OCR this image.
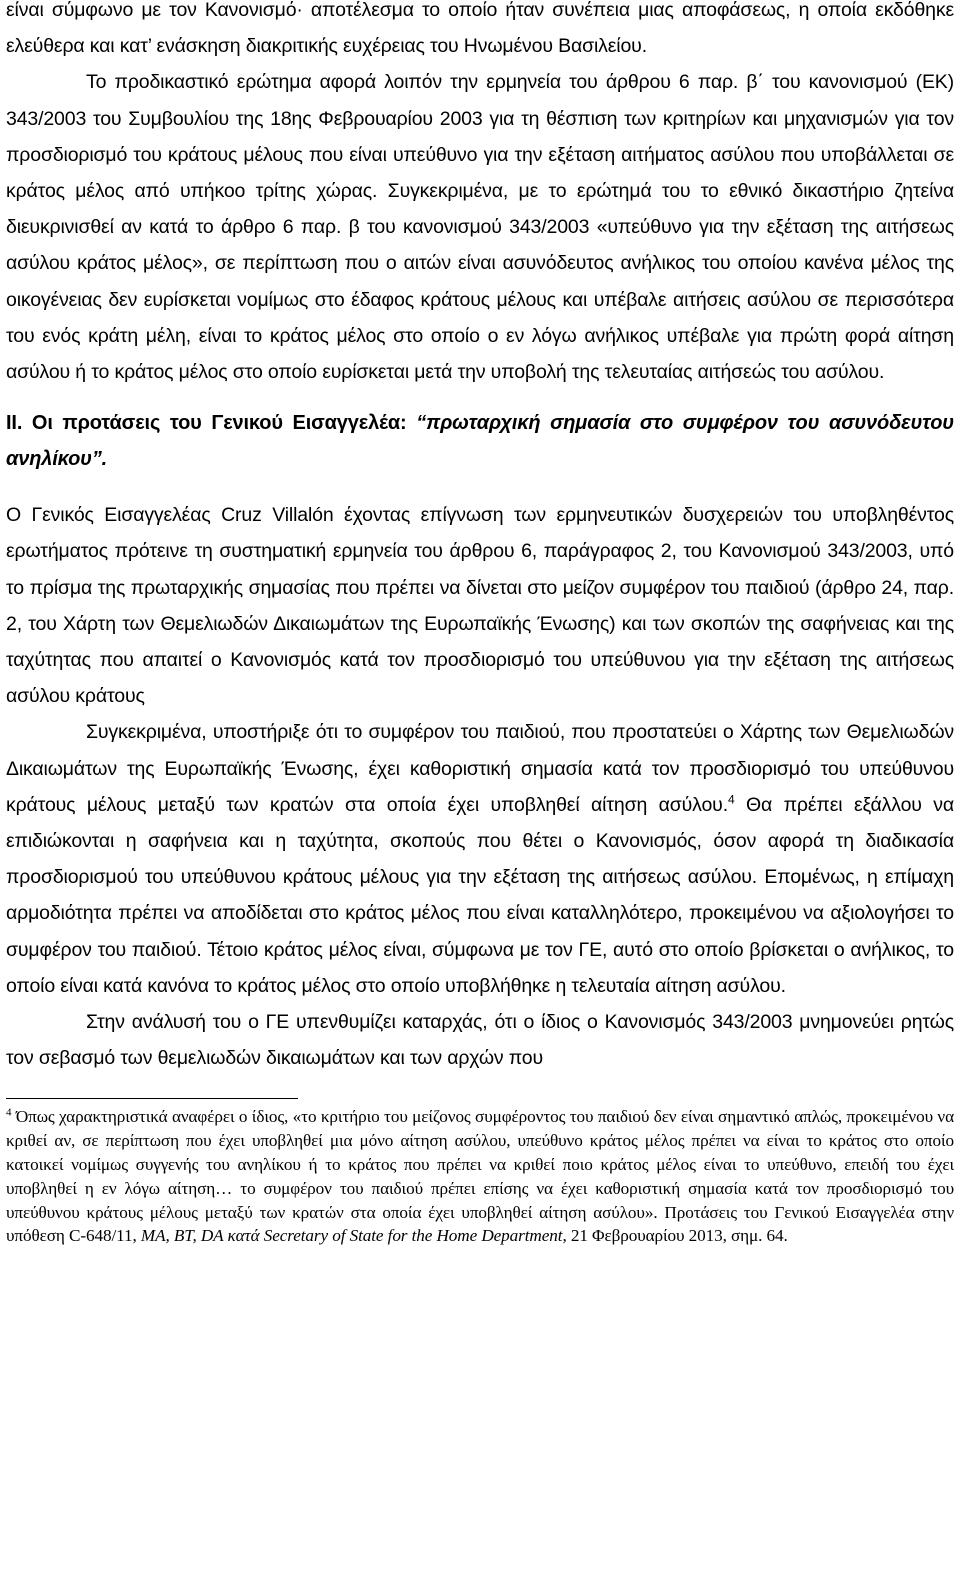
είναι σύμφωνο με τον Κανονισμό· αποτέλεσμα το οποίο ήταν συνέπεια μιας αποφάσεως, η οποία εκδόθηκε ελεύθερα και κατ’ ενάσκηση διακριτικής ευχέρειας του Ηνωμένου Βασιλείου.

Το προδικαστικό ερώτημα αφορά λοιπόν την ερμηνεία του άρθρου 6 παρ. β΄ του κανονισμού (ΕΚ) 343/2003 του Συμβουλίου της 18ης Φεβρουαρίου 2003 για τη θέσπιση των κριτηρίων και μηχανισμών για τον προσδιορισμό του κράτους μέλους που είναι υπεύθυνο για την εξέταση αιτήματος ασύλου που υποβάλλεται σε κράτος μέλος από υπήκοο τρίτης χώρας. Συγκεκριμένα, με το ερώτημά του το εθνικό δικαστήριο ζητείνα διευκρινισθεί αν κατά το άρθρο 6 παρ. β του κανονισμού 343/2003 «υπεύθυνο για την εξέταση της αιτήσεως ασύλου κράτος μέλος», σε περίπτωση που ο αιτών είναι ασυνόδευτος ανήλικος του οποίου κανένα μέλος της οικογένειας δεν ευρίσκεται νομίμως στο έδαφος κράτους μέλους και υπέβαλε αιτήσεις ασύλου σε περισσότερα του ενός κράτη μέλη, είναι το κράτος μέλος στο οποίο ο εν λόγω ανήλικος υπέβαλε για πρώτη φορά αίτηση ασύλου ή το κράτος μέλος στο οποίο ευρίσκεται μετά την υποβολή της τελευταίας αιτήσεώς του ασύλου.

ΙΙ. Οι προτάσεις του Γενικού Εισαγγελέα: “πρωταρχική σημασία στο συμφέρον του ασυνόδευτου ανηλίκου”.

Ο Γενικός Εισαγγελέας Cruz Villalón έχοντας επίγνωση των ερμηνευτικών δυσχερειών του υποβληθέντος ερωτήματος πρότεινε τη συστηματική ερμηνεία του άρθρου 6, παράγραφος 2, του Κανονισμού 343/2003, υπό το πρίσμα της πρωταρχικής σημασίας που πρέπει να δίνεται στο μείζον συμφέρον του παιδιού (άρθρο 24, παρ. 2, του Χάρτη των Θεμελιωδών Δικαιωμάτων της Ευρωπαϊκής Ένωσης) και των σκοπών της σαφήνειας και της ταχύτητας που απαιτεί ο Κανονισμός κατά τον προσδιορισμό του υπεύθυνου για την εξέταση της αιτήσεως ασύλου κράτους

Συγκεκριμένα, υποστήριξε ότι το συμφέρον του παιδιού, που προστατεύει ο Χάρτης των Θεμελιωδών Δικαιωμάτων της Ευρωπαϊκής Ένωσης, έχει καθοριστική σημασία κατά τον προσδιορισμό του υπεύθυνου κράτους μέλους μεταξύ των κρατών στα οποία έχει υποβληθεί αίτηση ασύλου.$^4$ Θα πρέπει εξάλλου να επιδιώκονται η σαφήνεια και η ταχύτητα, σκοπούς που θέτει ο Κανονισμός, όσον αφορά τη διαδικασία προσδιορισμού του υπεύθυνου κράτους μέλους για την εξέταση της αιτήσεως ασύλου. Επομένως, η επίμαχη αρμοδιότητα πρέπει να αποδίδεται στο κράτος μέλος που είναι καταλληλότερο, προκειμένου να αξιολογήσει το συμφέρον του παιδιού. Τέτοιο κράτος μέλος είναι, σύμφωνα με τον ΓΕ, αυτό στο οποίο βρίσκεται ο ανήλικος, το οποίο είναι κατά κανόνα το κράτος μέλος στο οποίο υποβλήθηκε η τελευταία αίτηση ασύλου.

Στην ανάλυσή του ο ΓΕ υπενθυμίζει καταρχάς, ότι ο ίδιος ο Κανονισμός 343/2003 μνημονεύει ρητώς τον σεβασμό των θεμελιωδών δικαιωμάτων και των αρχών που

$^4$ Όπως χαρακτηριστικά αναφέρει ο ίδιος, «το κριτήριο του μείζονος συμφέροντος του παιδιού δεν είναι σημαντικό απλώς, προκειμένου να κριθεί αν, σε περίπτωση που έχει υποβληθεί μια μόνο αίτηση ασύλου, υπεύθυνο κράτος μέλος πρέπει να είναι το κράτος στο οποίο κατοικεί νομίμως συγγενής του ανηλίκου ή το κράτος που πρέπει να κριθεί ποιο κράτος μέλος είναι το υπεύθυνο, επειδή του έχει υποβληθεί η εν λόγω αίτηση… το συμφέρον του παιδιού πρέπει επίσης να έχει καθοριστική σημασία κατά τον προσδιορισμό του υπεύθυνου κράτους μέλους μεταξύ των κρατών στα οποία έχει υποβληθεί αίτηση ασύλου». Προτάσεις του Γενικού Εισαγγελέα στην υπόθεση C-648/11, MA, BT, DA κατά Secretary of State for the Home Department, 21 Φεβρουαρίου 2013, σημ. 64.
